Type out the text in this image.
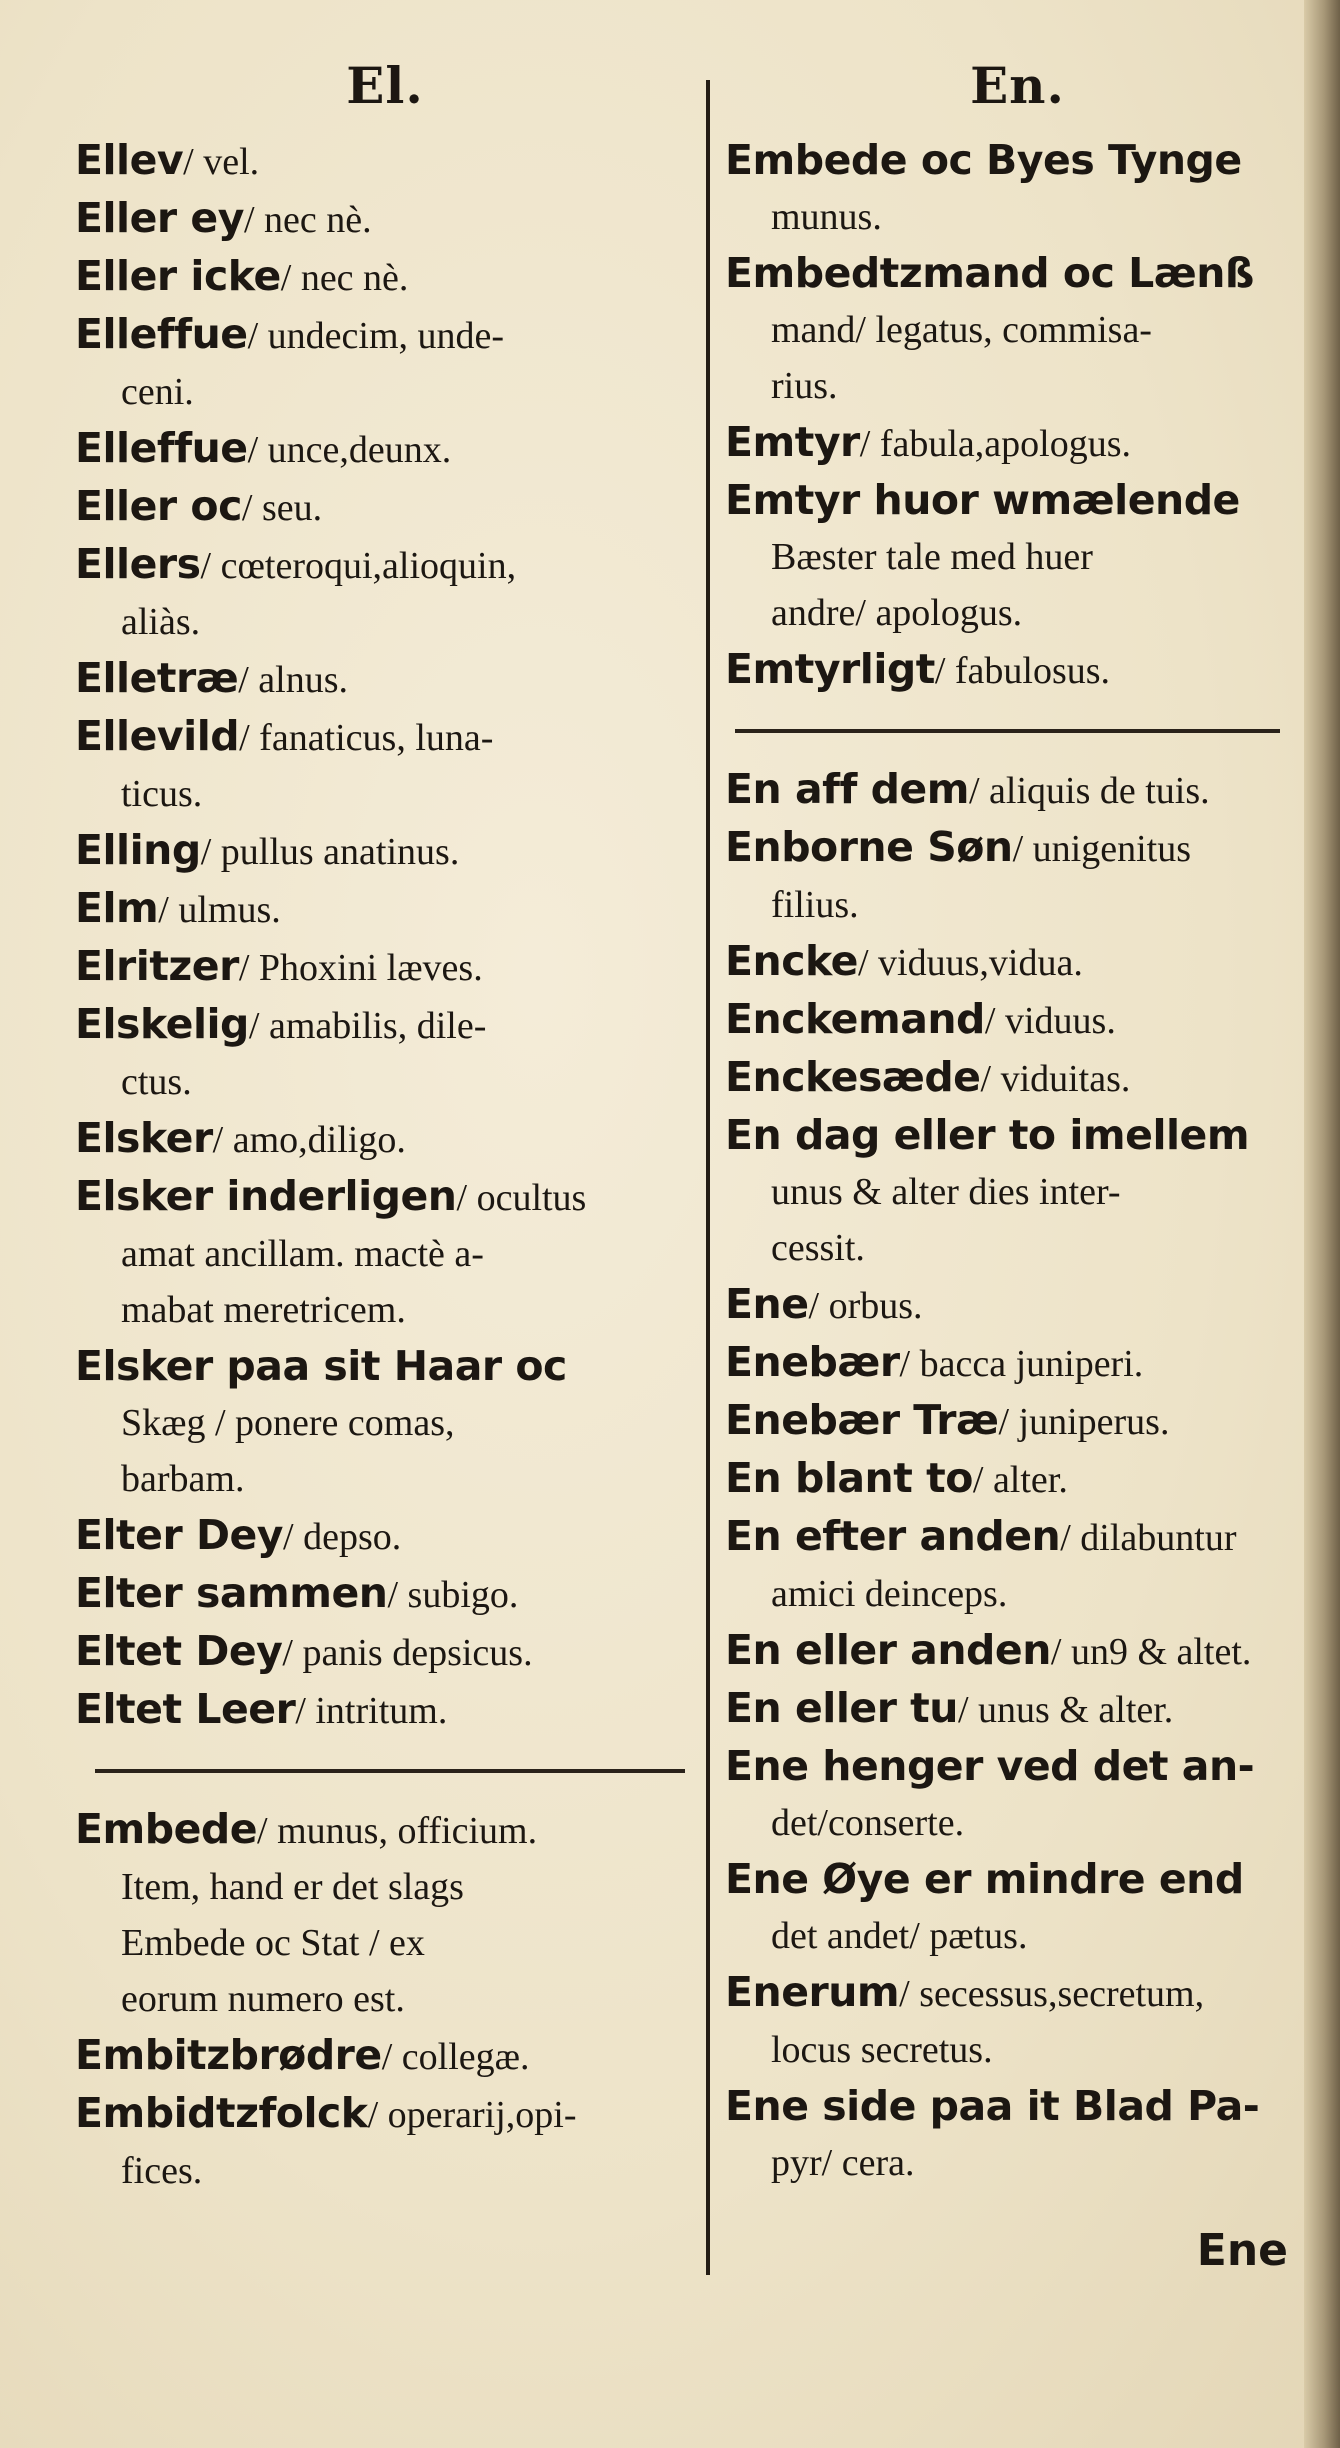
El.
Ellev/ vel.
Eller ey/ nec nè.
Eller icke/ nec nè.
Elleffue/ undecim, unde-
ceni.
Elleffue/ unce,deunx.
Eller oc/ seu.
Ellers/ cœteroqui,alioquin,
aliàs.
Elletræ/ alnus.
Ellevild/ fanaticus, luna-
ticus.
Elling/ pullus anatinus.
Elm/ ulmus.
Elritzer/ Phoxini læves.
Elskelig/ amabilis, dile-
ctus.
Elsker/ amo,diligo.
Elsker inderligen/ ocultus
amat ancillam. mactè a-
mabat meretricem.
Elsker paa sit Haar oc
Skæg / ponere comas,
barbam.
Elter Dey/ depso.
Elter sammen/ subigo.
Eltet Dey/ panis depsicus.
Eltet Leer/ intritum.
Embede/ munus, officium.
Item, hand er det slags
Embede oc Stat / ex
eorum numero est.
Embitzbrødre/ collegæ.
Embidtzfolck/ operarij,opi-
fices.
En.
Embede oc Byes Tynge
munus.
Embedtzmand oc Lænß
mand/ legatus, commisa-
rius.
Emtyr/ fabula,apologus.
Emtyr huor wmælende
Bæster tale med huer
andre/ apologus.
Emtyrligt/ fabulosus.
En aff dem/ aliquis de tuis.
Enborne Søn/ unigenitus
filius.
Encke/ viduus,vidua.
Enckemand/ viduus.
Enckesæde/ viduitas.
En dag eller to imellem
unus & alter dies inter-
cessit.
Ene/ orbus.
Enebær/ bacca juniperi.
Enebær Træ/ juniperus.
En blant to/ alter.
En efter anden/ dilabuntur
amici deinceps.
En eller anden/ un9 & altet.
En eller tu/ unus & alter.
Ene henger ved det an-
det/conserte.
Ene Øye er mindre end
det andet/ pætus.
Enerum/ secessus,secretum,
locus secretus.
Ene side paa it Blad Pa-
pyr/ cera.
Ene
